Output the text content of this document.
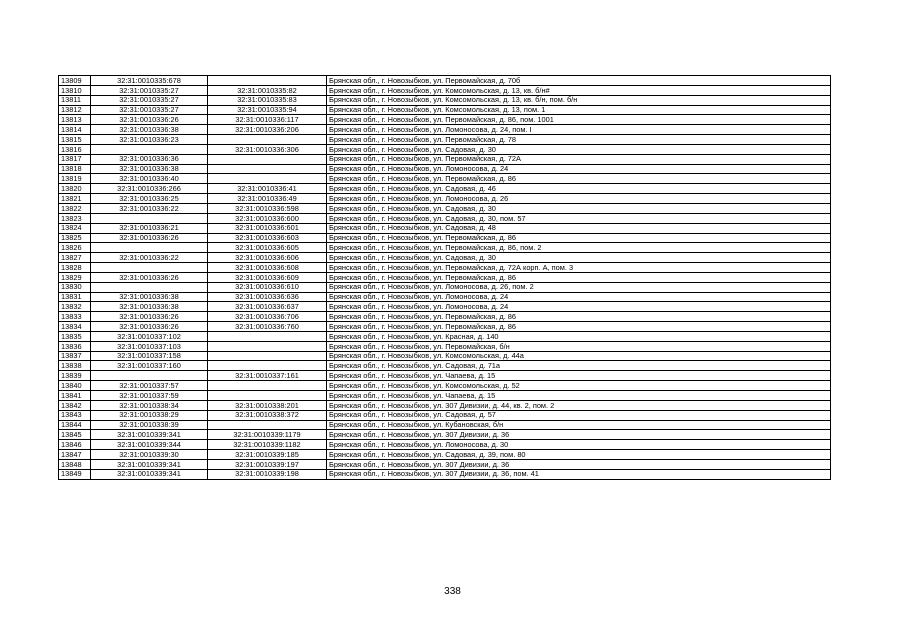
13809	32:31:0010335:678		Брянская обл., г. Новозыбков, ул. Первомайская, д. 70б
13810	32:31:0010335:27	32:31:0010335:82	Брянская обл., г. Новозыбков, ул. Комсомольская, д. 13, кв. б/н#
13811	32:31:0010335:27	32:31:0010335:83	Брянская обл., г. Новозыбков, ул. Комсомольская, д. 13, кв. б/н, пом. б/н
13812	32:31:0010335:27	32:31:0010335:94	Брянская обл., г. Новозыбков, ул. Комсомольская, д. 13, пом. 1
13813	32:31:0010336:26	32:31:0010336:117	Брянская обл., г. Новозыбков, ул. Первомайская, д. 86, пом. 1001
13814	32:31:0010336:38	32:31:0010336:206	Брянская обл., г. Новозыбков, ул. Ломоносова, д. 24, пом. I
13815	32:31:0010336:23		Брянская обл., г. Новозыбков, ул. Первомайская, д. 78
13816		32:31:0010336:306	Брянская обл., г. Новозыбков, ул. Садовая, д. 30
13817	32:31:0010336:36		Брянская обл., г. Новозыбков, ул. Первомайская, д. 72А
13818	32:31:0010336:38		Брянская обл., г. Новозыбков, ул. Ломоносова, д. 24
13819	32:31:0010336:40		Брянская обл., г. Новозыбков, ул. Первомайская, д. 86
13820	32:31:0010336:266	32:31:0010336:41	Брянская обл., г. Новозыбков, ул. Садовая, д. 46
13821	32:31:0010336:25	32:31:0010336:49	Брянская обл., г. Новозыбков, ул. Ломоносова, д. 26
13822	32:31:0010336:22	32:31:0010336:598	Брянская обл., г. Новозыбков, ул. Садовая, д. 30
13823		32:31:0010336:600	Брянская обл., г. Новозыбков, ул. Садовая, д. 30, пом. 57
13824	32:31:0010336:21	32:31:0010336:601	Брянская обл., г. Новозыбков, ул. Садовая, д. 48
13825	32:31:0010336:26	32:31:0010336:603	Брянская обл., г. Новозыбков, ул. Первомайская, д. 86
13826		32:31:0010336:605	Брянская обл., г. Новозыбков, ул. Первомайская, д. 86, пом. 2
13827	32:31:0010336:22	32:31:0010336:606	Брянская обл., г. Новозыбков, ул. Садовая, д. 30
13828		32:31:0010336:608	Брянская обл., г. Новозыбков, ул. Первомайская, д. 72А корп. А, пом. 3
13829	32:31:0010336:26	32:31:0010336:609	Брянская обл., г. Новозыбков, ул. Первомайская, д. 86
13830		32:31:0010336:610	Брянская обл., г. Новозыбков, ул. Ломоносова, д. 26, пом. 2
13831	32:31:0010336:38	32:31:0010336:636	Брянская обл., г. Новозыбков, ул. Ломоносова, д. 24
13832	32:31:0010336:38	32:31:0010336:637	Брянская обл., г. Новозыбков, ул. Ломоносова, д. 24
13833	32:31:0010336:26	32:31:0010336:706	Брянская обл., г. Новозыбков, ул. Первомайская, д. 86
13834	32:31:0010336:26	32:31:0010336:760	Брянская обл., г. Новозыбков, ул. Первомайская, д. 86
13835	32:31:0010337:102		Брянская обл., г. Новозыбков, ул. Красная, д. 140
13836	32:31:0010337:103		Брянская обл., г. Новозыбков, ул. Первомайская, б/н
13837	32:31:0010337:158		Брянская обл., г. Новозыбков, ул. Комсомольская, д. 44а
13838	32:31:0010337:160		Брянская обл., г. Новозыбков, ул. Садовая, д. 71а
13839		32:31:0010337:161	Брянская обл., г. Новозыбков, ул. Чапаева, д. 15
13840	32:31:0010337:57		Брянская обл., г. Новозыбков, ул. Комсомольская, д. 52
13841	32:31:0010337:59		Брянская обл., г. Новозыбков, ул. Чапаева, д. 15
13842	32:31:0010338:34	32:31:0010338:201	Брянская обл., г. Новозыбков, ул. 307 Дивизии, д. 44, кв. 2, пом. 2
13843	32:31:0010338:29	32:31:0010338:372	Брянская обл., г. Новозыбков, ул. Садовая, д. 57
13844	32:31:0010338:39		Брянская обл., г. Новозыбков, ул. Кубановская, б/н
13845	32:31:0010339:341	32:31:0010339:1179	Брянская обл., г. Новозыбков, ул. 307 Дивизии, д. 36
13846	32:31:0010339:344	32:31:0010339:1182	Брянская обл., г. Новозыбков, ул. Ломоносова, д. 30
13847	32:31:0010339:30	32:31:0010339:185	Брянская обл., г. Новозыбков, ул. Садовая, д. 39, пом. 80
13848	32:31:0010339:341	32:31:0010339:197	Брянская обл., г. Новозыбков, ул. 307 Дивизии, д. 36
13849	32:31:0010339:341	32:31:0010339:198	Брянская обл., г. Новозыбков, ул. 307 Дивизии, д. 36, пом. 41
338
